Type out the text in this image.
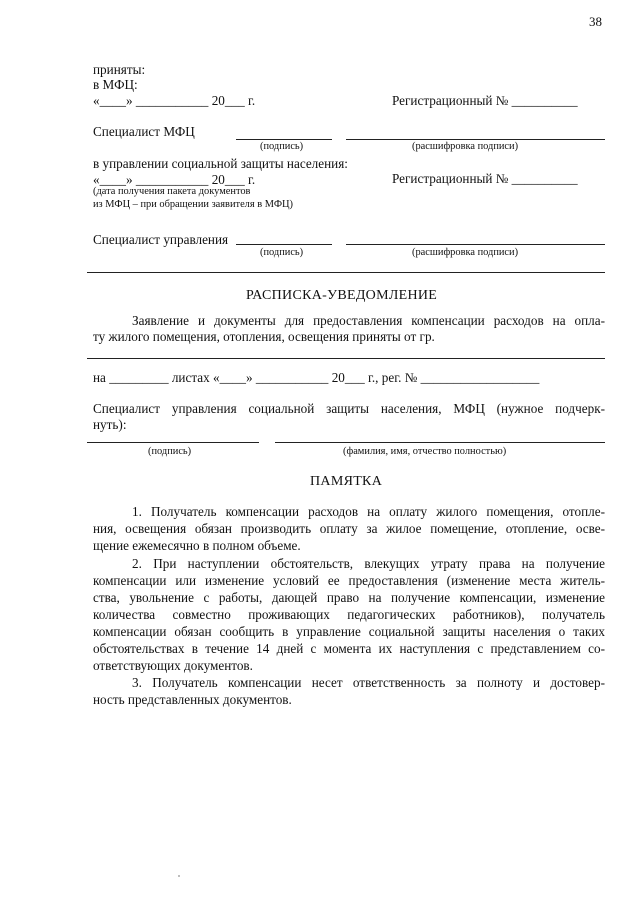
38
приняты:
в МФЦ:
«____» ___________ 20___ г.	Регистрационный № __________
Специалист МФЦ
(подпись)	(расшифровка подписи)
в управлении социальной защиты населения:
«____» ___________ 20___ г.	Регистрационный № __________
(дата получения пакета документов
из МФЦ – при обращении заявителя в МФЦ)
Специалист управления
(подпись)	(расшифровка подписи)
РАСПИСКА-УВЕДОМЛЕНИЕ
Заявление и документы для предоставления компенсации расходов на опла-
ту жилого помещения, отопления, освещения приняты от гр.
на _________ листах «____» ___________ 20___ г., рег. № __________________
Специалист управления социальной защиты населения, МФЦ (нужное подчерк-
нуть):
(подпись)	(фамилия, имя, отчество полностью)
ПАМЯТКА
1. Получатель компенсации расходов на оплату жилого помещения, отопле-
ния, освещения обязан производить оплату за жилое помещение, отопление, осве-
щение ежемесячно в полном объеме.
2. При наступлении обстоятельств, влекущих утрату права на получение
компенсации или изменение условий ее предоставления (изменение места житель-
ства, увольнение с работы, дающей право на получение компенсации, изменение
количества совместно проживающих педагогических работников), получатель
компенсации обязан сообщить в управление социальной защиты населения о таких
обстоятельствах в течение 14 дней с момента их наступления с представлением со-
ответствующих документов.
3. Получатель компенсации несет ответственность за полноту и достовер-
ность представленных документов.
